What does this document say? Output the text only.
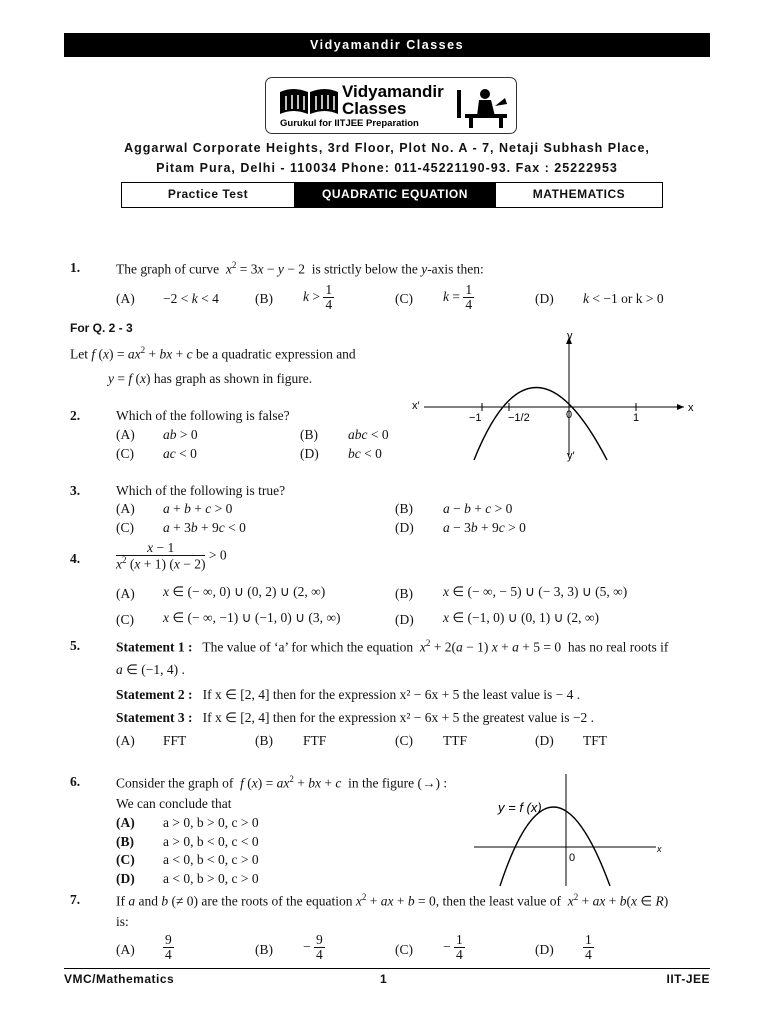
Vidyamandir Classes
Vidyamandir
Classes
Gurukul for IITJEE Preparation
Aggarwal Corporate Heights, 3rd Floor, Plot No. A - 7, Netaji Subhash Place,
Pitam Pura, Delhi - 110034 Phone: 011-45221190-93. Fax : 25222953
Practice Test	QUADRATIC EQUATION	MATHEMATICS
1.	The graph of curve $x^2 = 3x - y - 2$  is strictly below the y-axis then:
(A) −2 < k < 4	(B) $k > \frac{1}{4}$	(C) $k = \frac{1}{4}$	(D) k < −1 or k > 0
For Q. 2 - 3
Let f $(x) = ax^2$ + bx + c be a quadratic expression and
y = f (x) has graph as shown in figure.
x′	x
y
y′
−1 −1/2	0	1
2.	Which of the following is false?
(A) ab > 0	(B) abc < 0
(C) ac < 0	(D) bc < 0
3.	Which of the following is true?
(A) a + b + c > 0	(B) a − b + c > 0
(C) a + 3b + 9c < 0	(D) a − 3b + 9c > 0
4.	$\frac{x - 1}{x^2 (x + 1) (x - 2)} > 0$
(A) x ∈ (− ∞, 0) ∪ (0, 2) ∪ (2, ∞)	(B) x ∈ (− ∞, − 5) ∪ (− 3, 3) ∪ (5, ∞)
(C) x ∈ (− ∞, −1) ∪ (−1, 0) ∪ (3, ∞)	(D) x ∈ (−1, 0) ∪ (0, 1) ∪ (2, ∞)
5.	Statement 1 : The value of ‘a’ for which the equation $x^2 + 2(a - 1) x + a + 5 = 0$  has no real roots if
a ∈ (−1, 4) .
Statement 2 : If x ∈ [2, 4] then for the expression x² − 6x + 5 the least value is − 4 .
Statement 3 : If x ∈ [2, 4] then for the expression x² − 6x + 5 the greatest value is −2 .
(A) FFT	(B) FTF	(C) TTF	(D) TFT
6.	Consider the graph of f $(x) = ax^2$ + bx + c in the figure (→) :
We can conclude that
(A) a > 0, b > 0, c > 0
(B) a > 0, b < 0, c < 0
(C) a < 0, b < 0, c > 0
(D) a < 0, b > 0, c > 0
y = f (x)
0
x
7.	If a and b (≠ 0) are the roots of the equation $x^2$ + ax + b = 0, then the least value of $x^2$ + ax + b(x ∈ R)
is:
$(A) \frac{9}{4}$	$(B) - \frac{9}{4}$	$(C) - \frac{1}{4}$	$(D) \frac{1}{4}$
VMC/Mathematics	1	IIT-JEE
